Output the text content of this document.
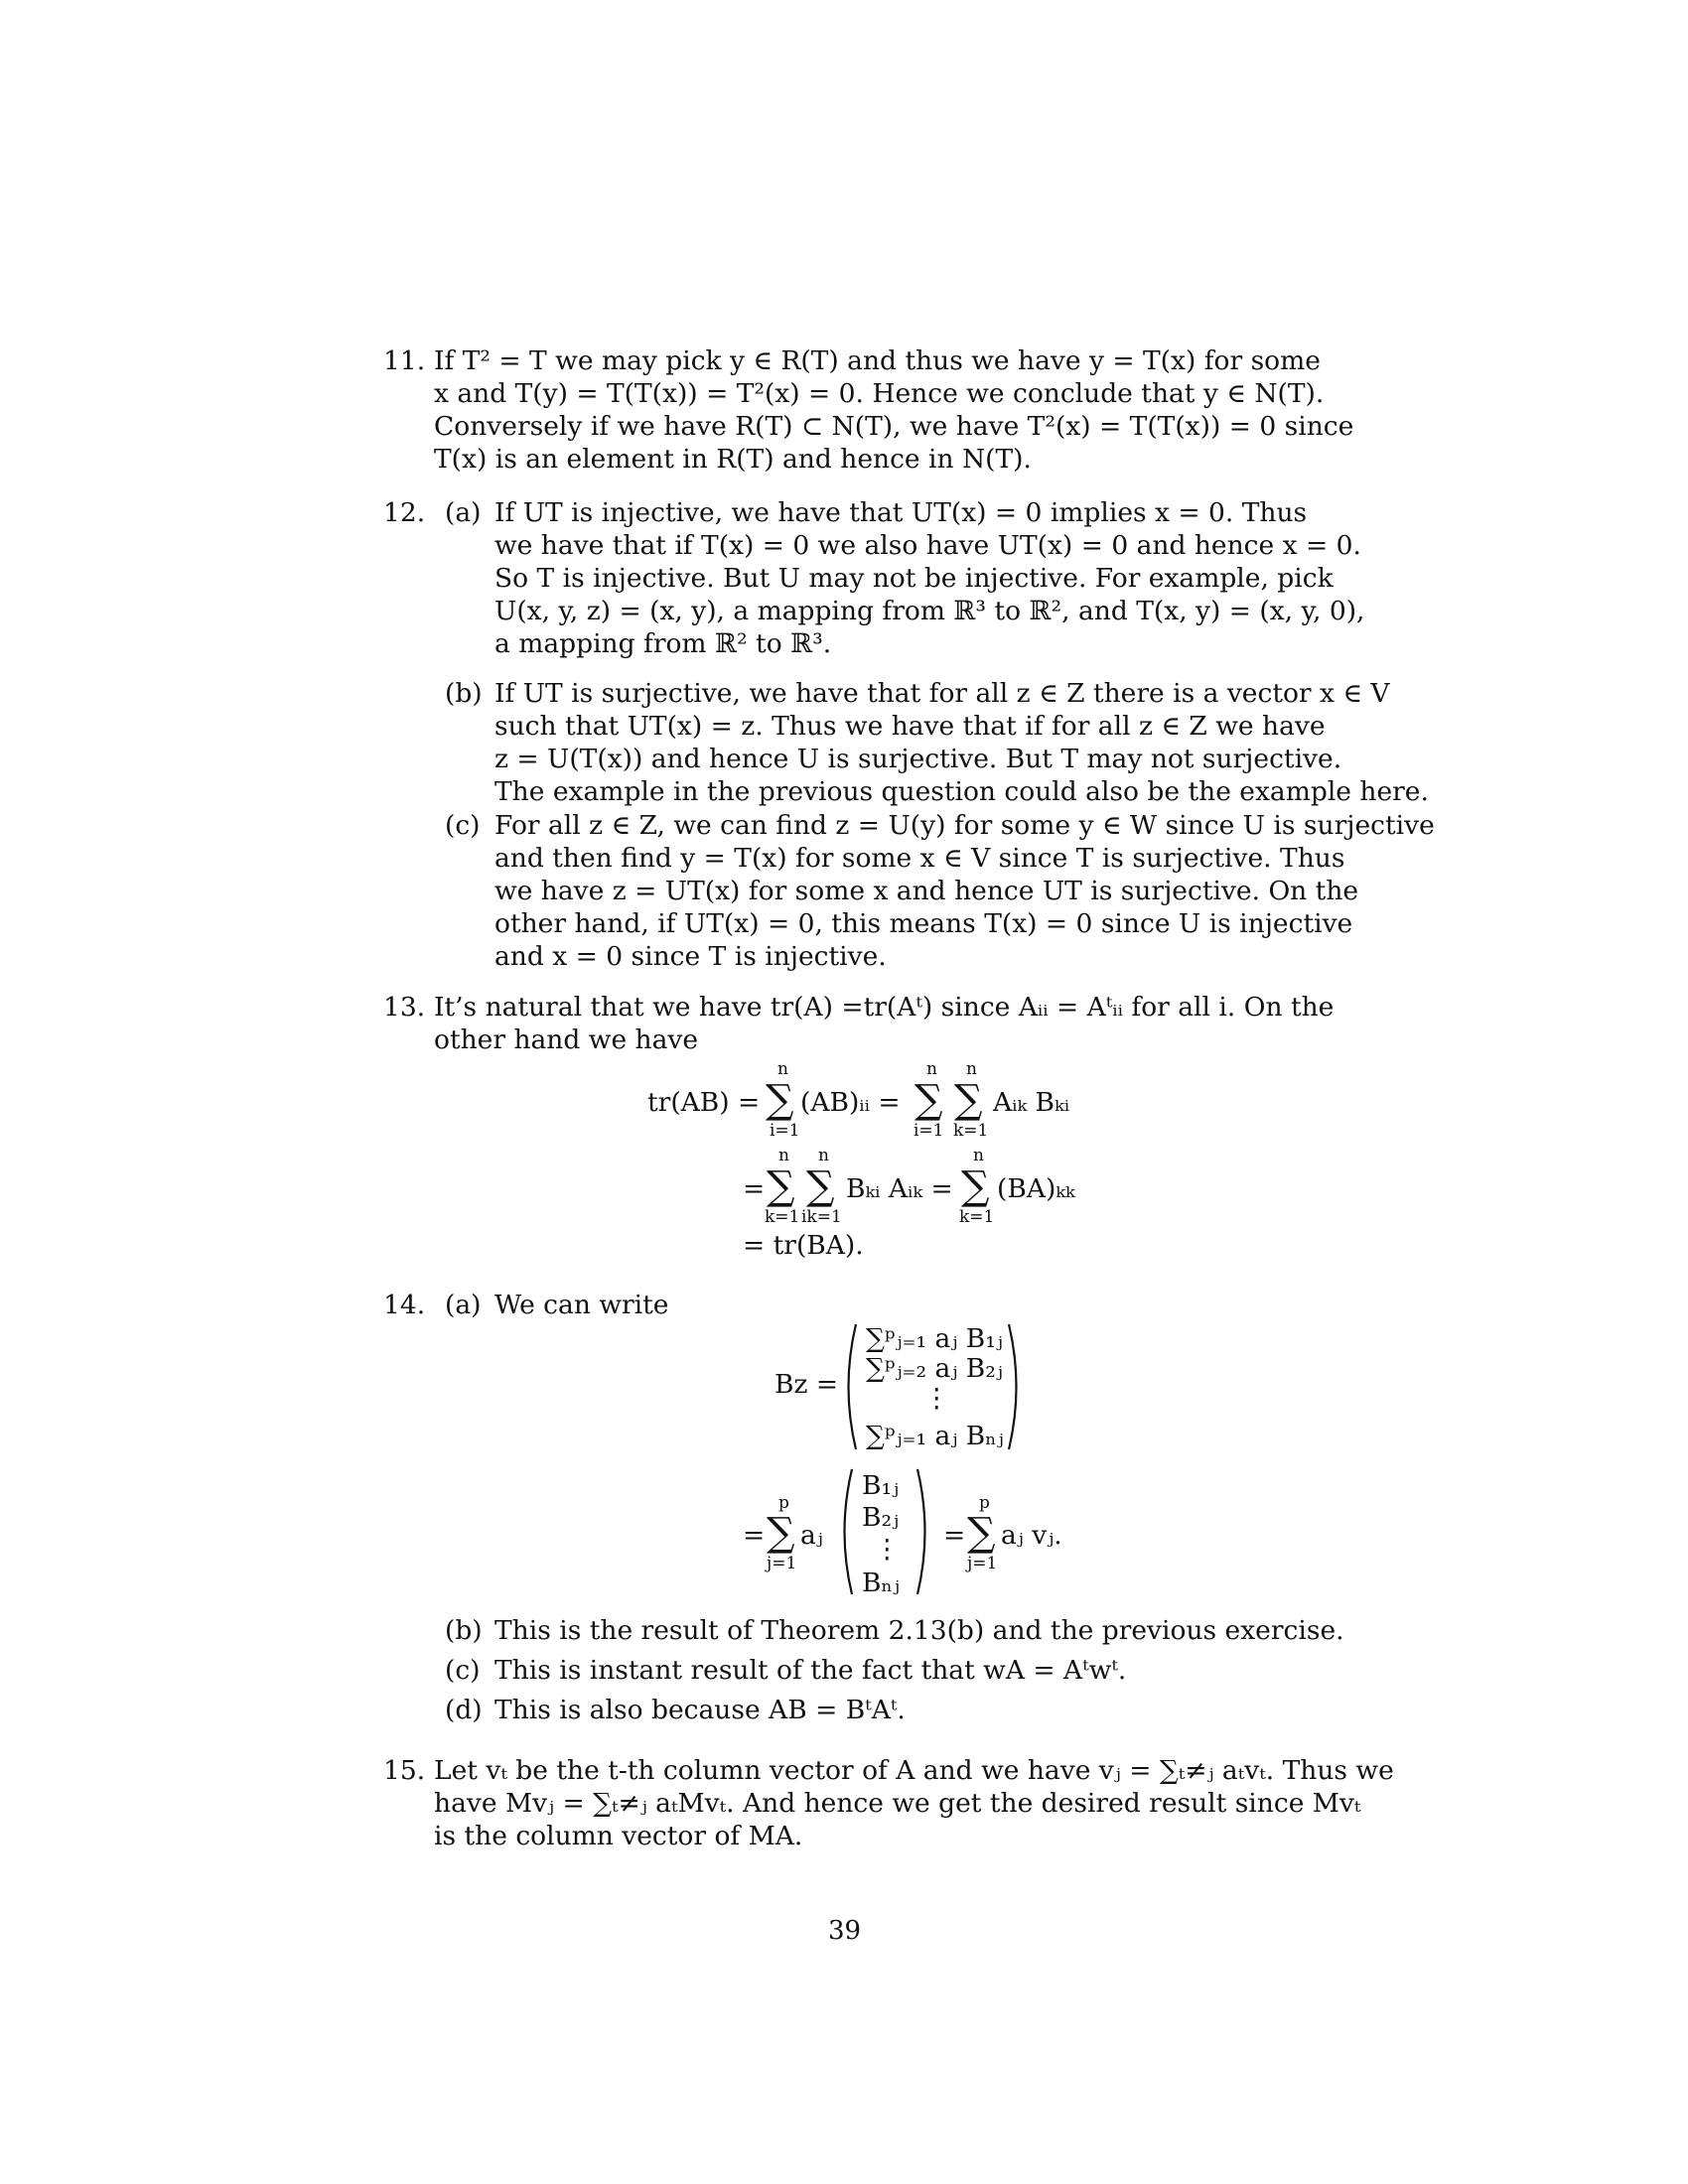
11. If T² = T we may pick y ∈ R(T) and thus we have y = T(x) for some
x and T(y) = T(T(x)) = T²(x) = 0. Hence we conclude that y ∈ N(T).
Conversely if we have R(T) ⊂ N(T), we have T²(x) = T(T(x)) = 0 since
T(x) is an element in R(T) and hence in N(T).
12. (a) If UT is injective, we have that UT(x) = 0 implies x = 0. Thus
we have that if T(x) = 0 we also have UT(x) = 0 and hence x = 0.
So T is injective. But U may not be injective. For example, pick
U(x, y, z) = (x, y), a mapping from ℝ³ to ℝ², and T(x, y) = (x, y, 0),
a mapping from ℝ² to ℝ³.
(b) If UT is surjective, we have that for all z ∈ Z there is a vector x ∈ V
such that UT(x) = z. Thus we have that if for all z ∈ Z we have
z = U(T(x)) and hence U is surjective. But T may not surjective.
The example in the previous question could also be the example here.
(c) For all z ∈ Z, we can find z = U(y) for some y ∈ W since U is surjective
and then find y = T(x) for some x ∈ V since T is surjective. Thus
we have z = UT(x) for some x and hence UT is surjective. On the
other hand, if UT(x) = 0, this means T(x) = 0 since U is injective
and x = 0 since T is injective.
13. It’s natural that we have tr(A) =tr(Aᵗ) since Aᵢᵢ = Aᵗᵢᵢ for all i. On the
other hand we have
tr(AB) =
n
∑
i=1
(AB)ᵢᵢ =
n
∑
i=1
n
∑
k=1
Aᵢₖ Bₖᵢ
=
n
∑
k=1
n
∑
ik=1
Bₖᵢ Aᵢₖ =
n
∑
k=1
(BA)ₖₖ
= tr(BA).
14. (a) We can write
Bz =
∑ᵖⱼ₌₁ aⱼ B₁ⱼ
∑ᵖⱼ₌₂ aⱼ B₂ⱼ
⋮
∑ᵖⱼ₌₁ aⱼ Bₙⱼ
=
p
∑
j=1
aⱼ
B₁ⱼ
B₂ⱼ
⋮
Bₙⱼ
=
p
∑
j=1
aⱼ vⱼ.
(b) This is the result of Theorem 2.13(b) and the previous exercise.
(c) This is instant result of the fact that wA = Aᵗwᵗ.
(d) This is also because AB = BᵗAᵗ.
15. Let vₜ be the t-th column vector of A and we have vⱼ = ∑ₜ≠ⱼ aₜvₜ. Thus we
have Mvⱼ = ∑ₜ≠ⱼ aₜMvₜ. And hence we get the desired result since Mvₜ
is the column vector of MA.
39
